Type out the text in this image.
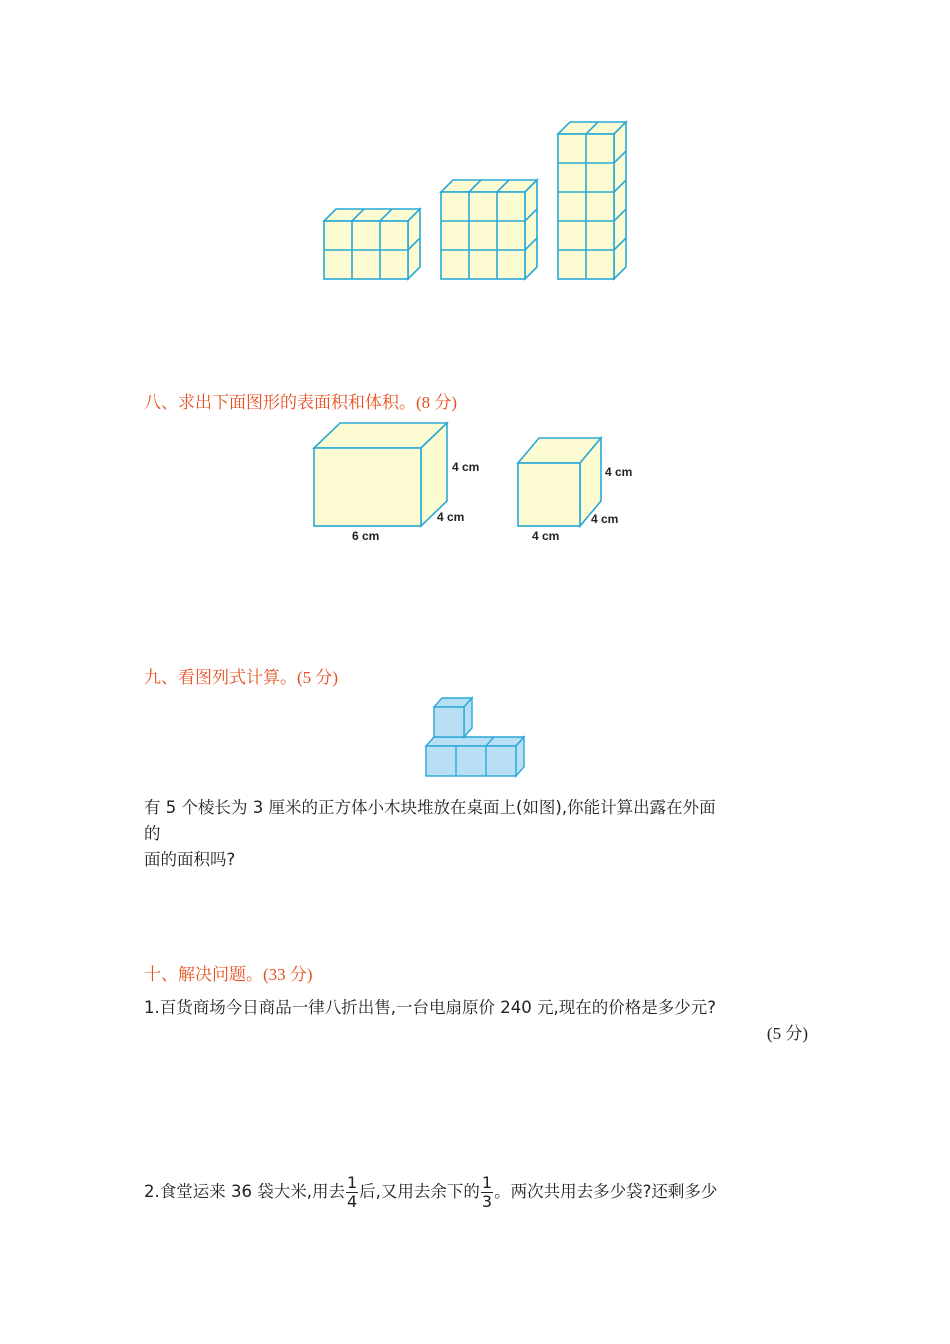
八、求出下面图形的表面积和体积。(8 分)
4 cm
4 cm
6 cm
4 cm
4 cm
4 cm
九、看图列式计算。(5 分)
有 5 个棱长为 3 厘米的正方体小木块堆放在桌面上(如图),你能计算出露在外面
的
面的面积吗?
十、解决问题。(33 分)
1.百货商场今日商品一律八折出售,一台电扇原价 240 元,现在的价格是多少元?
(5 分)
2.食堂运来 36 袋大米,用去 $\frac{1}{4}$ 后,又用去余下的 $\frac{1}{3}$ 。两次共用去多少袋?还剩多少
